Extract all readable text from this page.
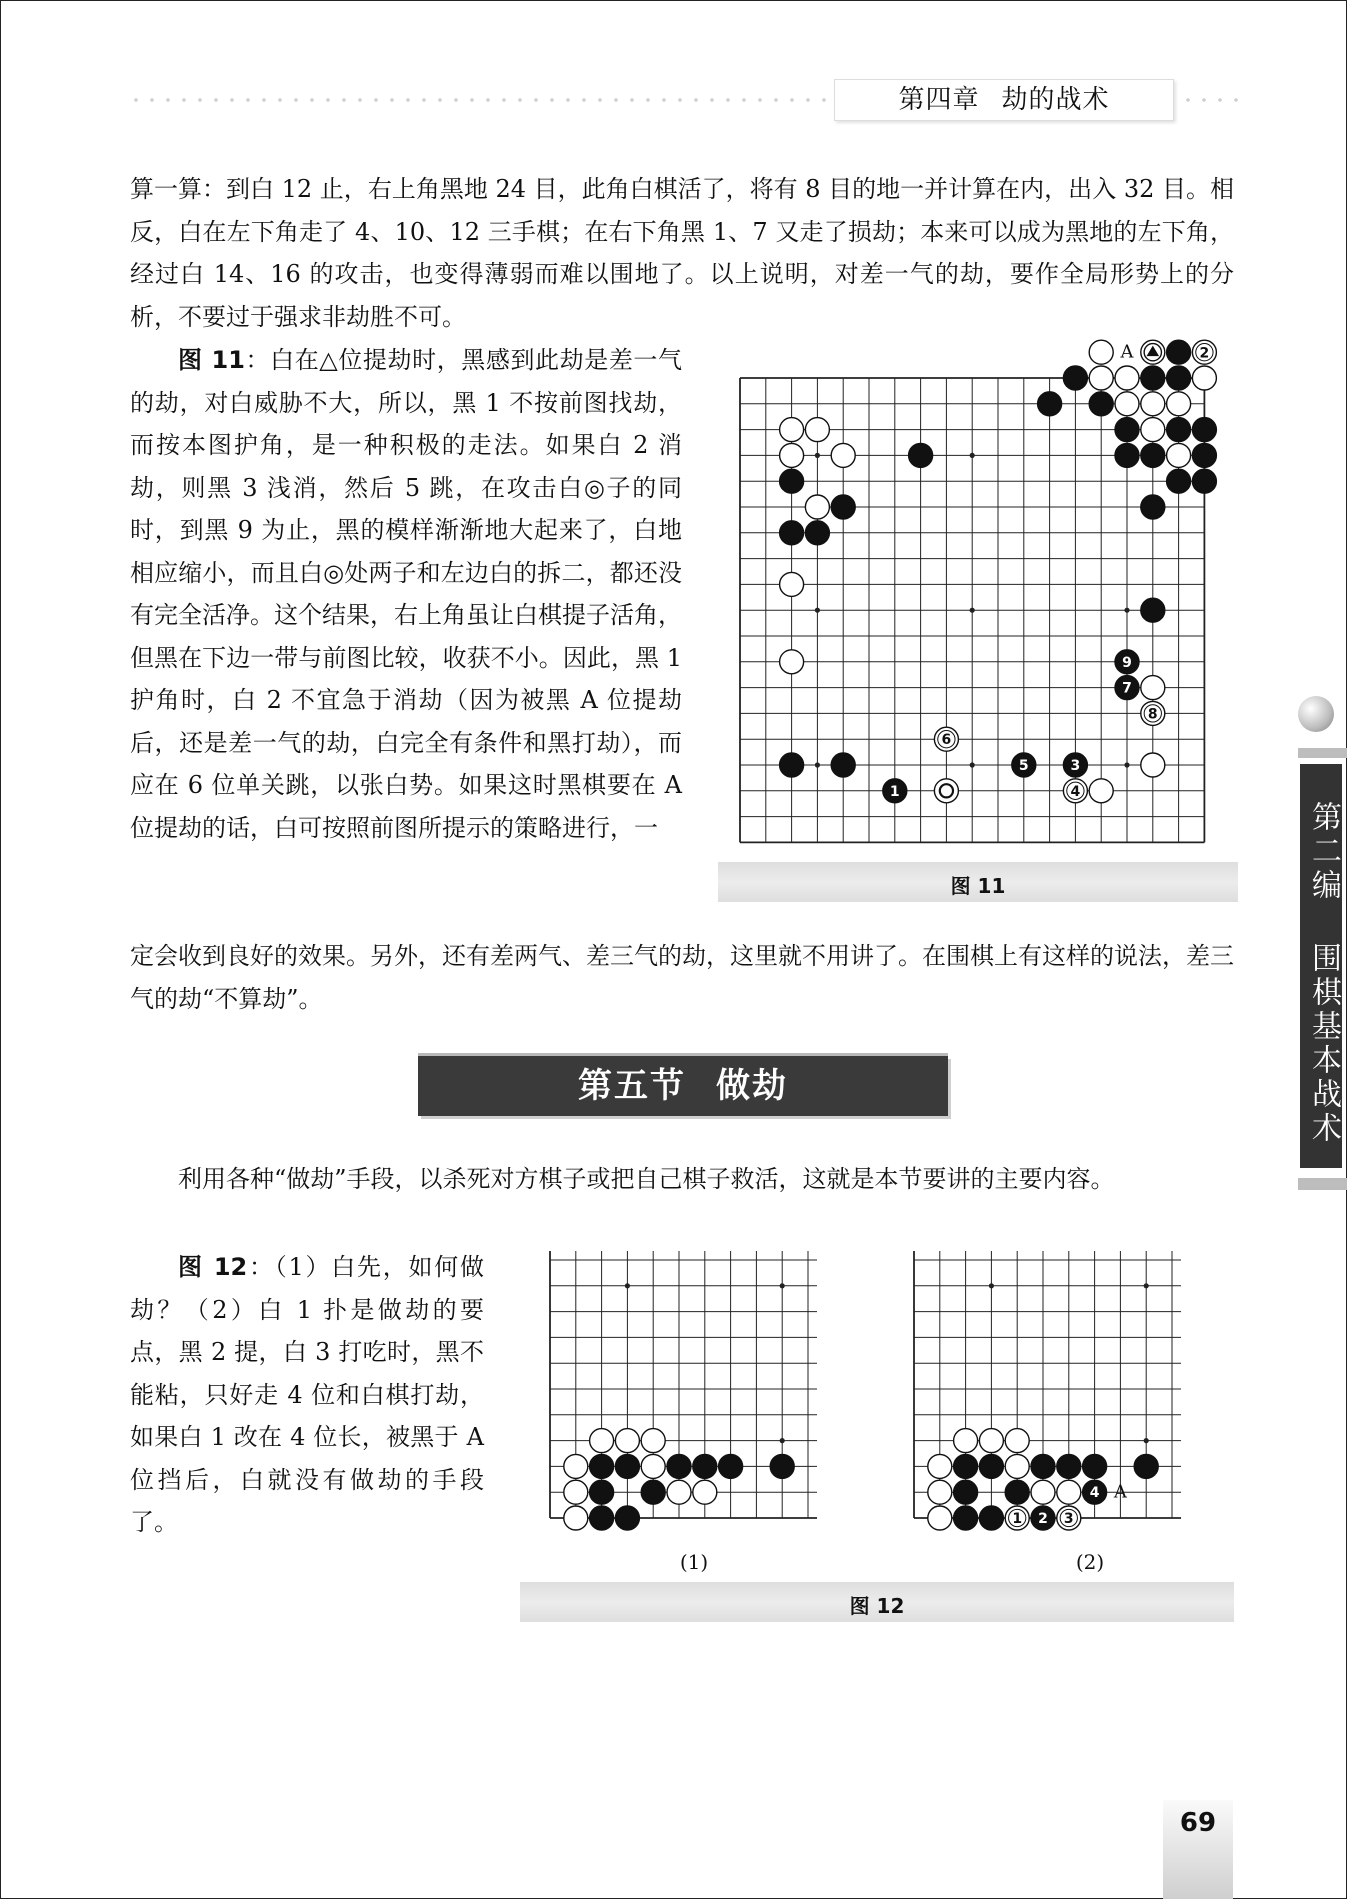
第四章 劫的战术

算一算：到白 12 止，右上角黑地 24 目，此角白棋活了，将有 8 目的地一并计算在内，出入 32 目。相反，白在左下角走了 4、10、12 三手棋；在右下角黑 1、7 又走了损劫；本来可以成为黑地的左下角，经过白 14、16 的攻击，也变得薄弱而难以围地了。以上说明，对差一气的劫，要作全局形势上的分析，不要过于强求非劫胜不可。

图 11：白在△位提劫时，黑感到此劫是差一气的劫，对白威胁不大，所以，黑 1 不按前图找劫，而按本图护角，是一种积极的走法。如果白 2 消劫，则黑 3 浅消，然后 5 跳，在攻击白◎子的同时，到黑 9 为止，黑的模样渐渐地大起来了，白地相应缩小，而且白◎处两子和左边白的拆二，都还没有完全活净。这个结果，右上角虽让白棋提子活角，但黑在下边一带与前图比较，收获不小。因此，黑 1 护角时，白 2 不宜急于消劫（因为被黑 A 位提劫后，还是差一气的劫，白完全有条件和黑打劫），而应在 6 位单关跳，以张白势。如果这时黑棋要在 A 位提劫的话，白可按照前图所提示的策略进行，一

定会收到良好的效果。另外，还有差两气、差三气的劫，这里就不用讲了。在围棋上有这样的说法，差三气的劫“不算劫”。

A	2
9
7
8
6
5	3
1	4
图 11
第五节 做劫

利用各种“做劫”手段，以杀死对方棋子或把自己棋子救活，这就是本节要讲的主要内容。

图 12：（1）白先，如何做劫？（2）白 1 扑是做劫的要点，黑 2 提，白 3 打吃时，黑不能粘，只好走 4 位和白棋打劫，如果白 1 改在 4 位长，被黑于 A 位挡后，白就没有做劫的手段了。

4 A
1 2 3
(1)	(2)
图 12
第二编 围棋基本战术
69
